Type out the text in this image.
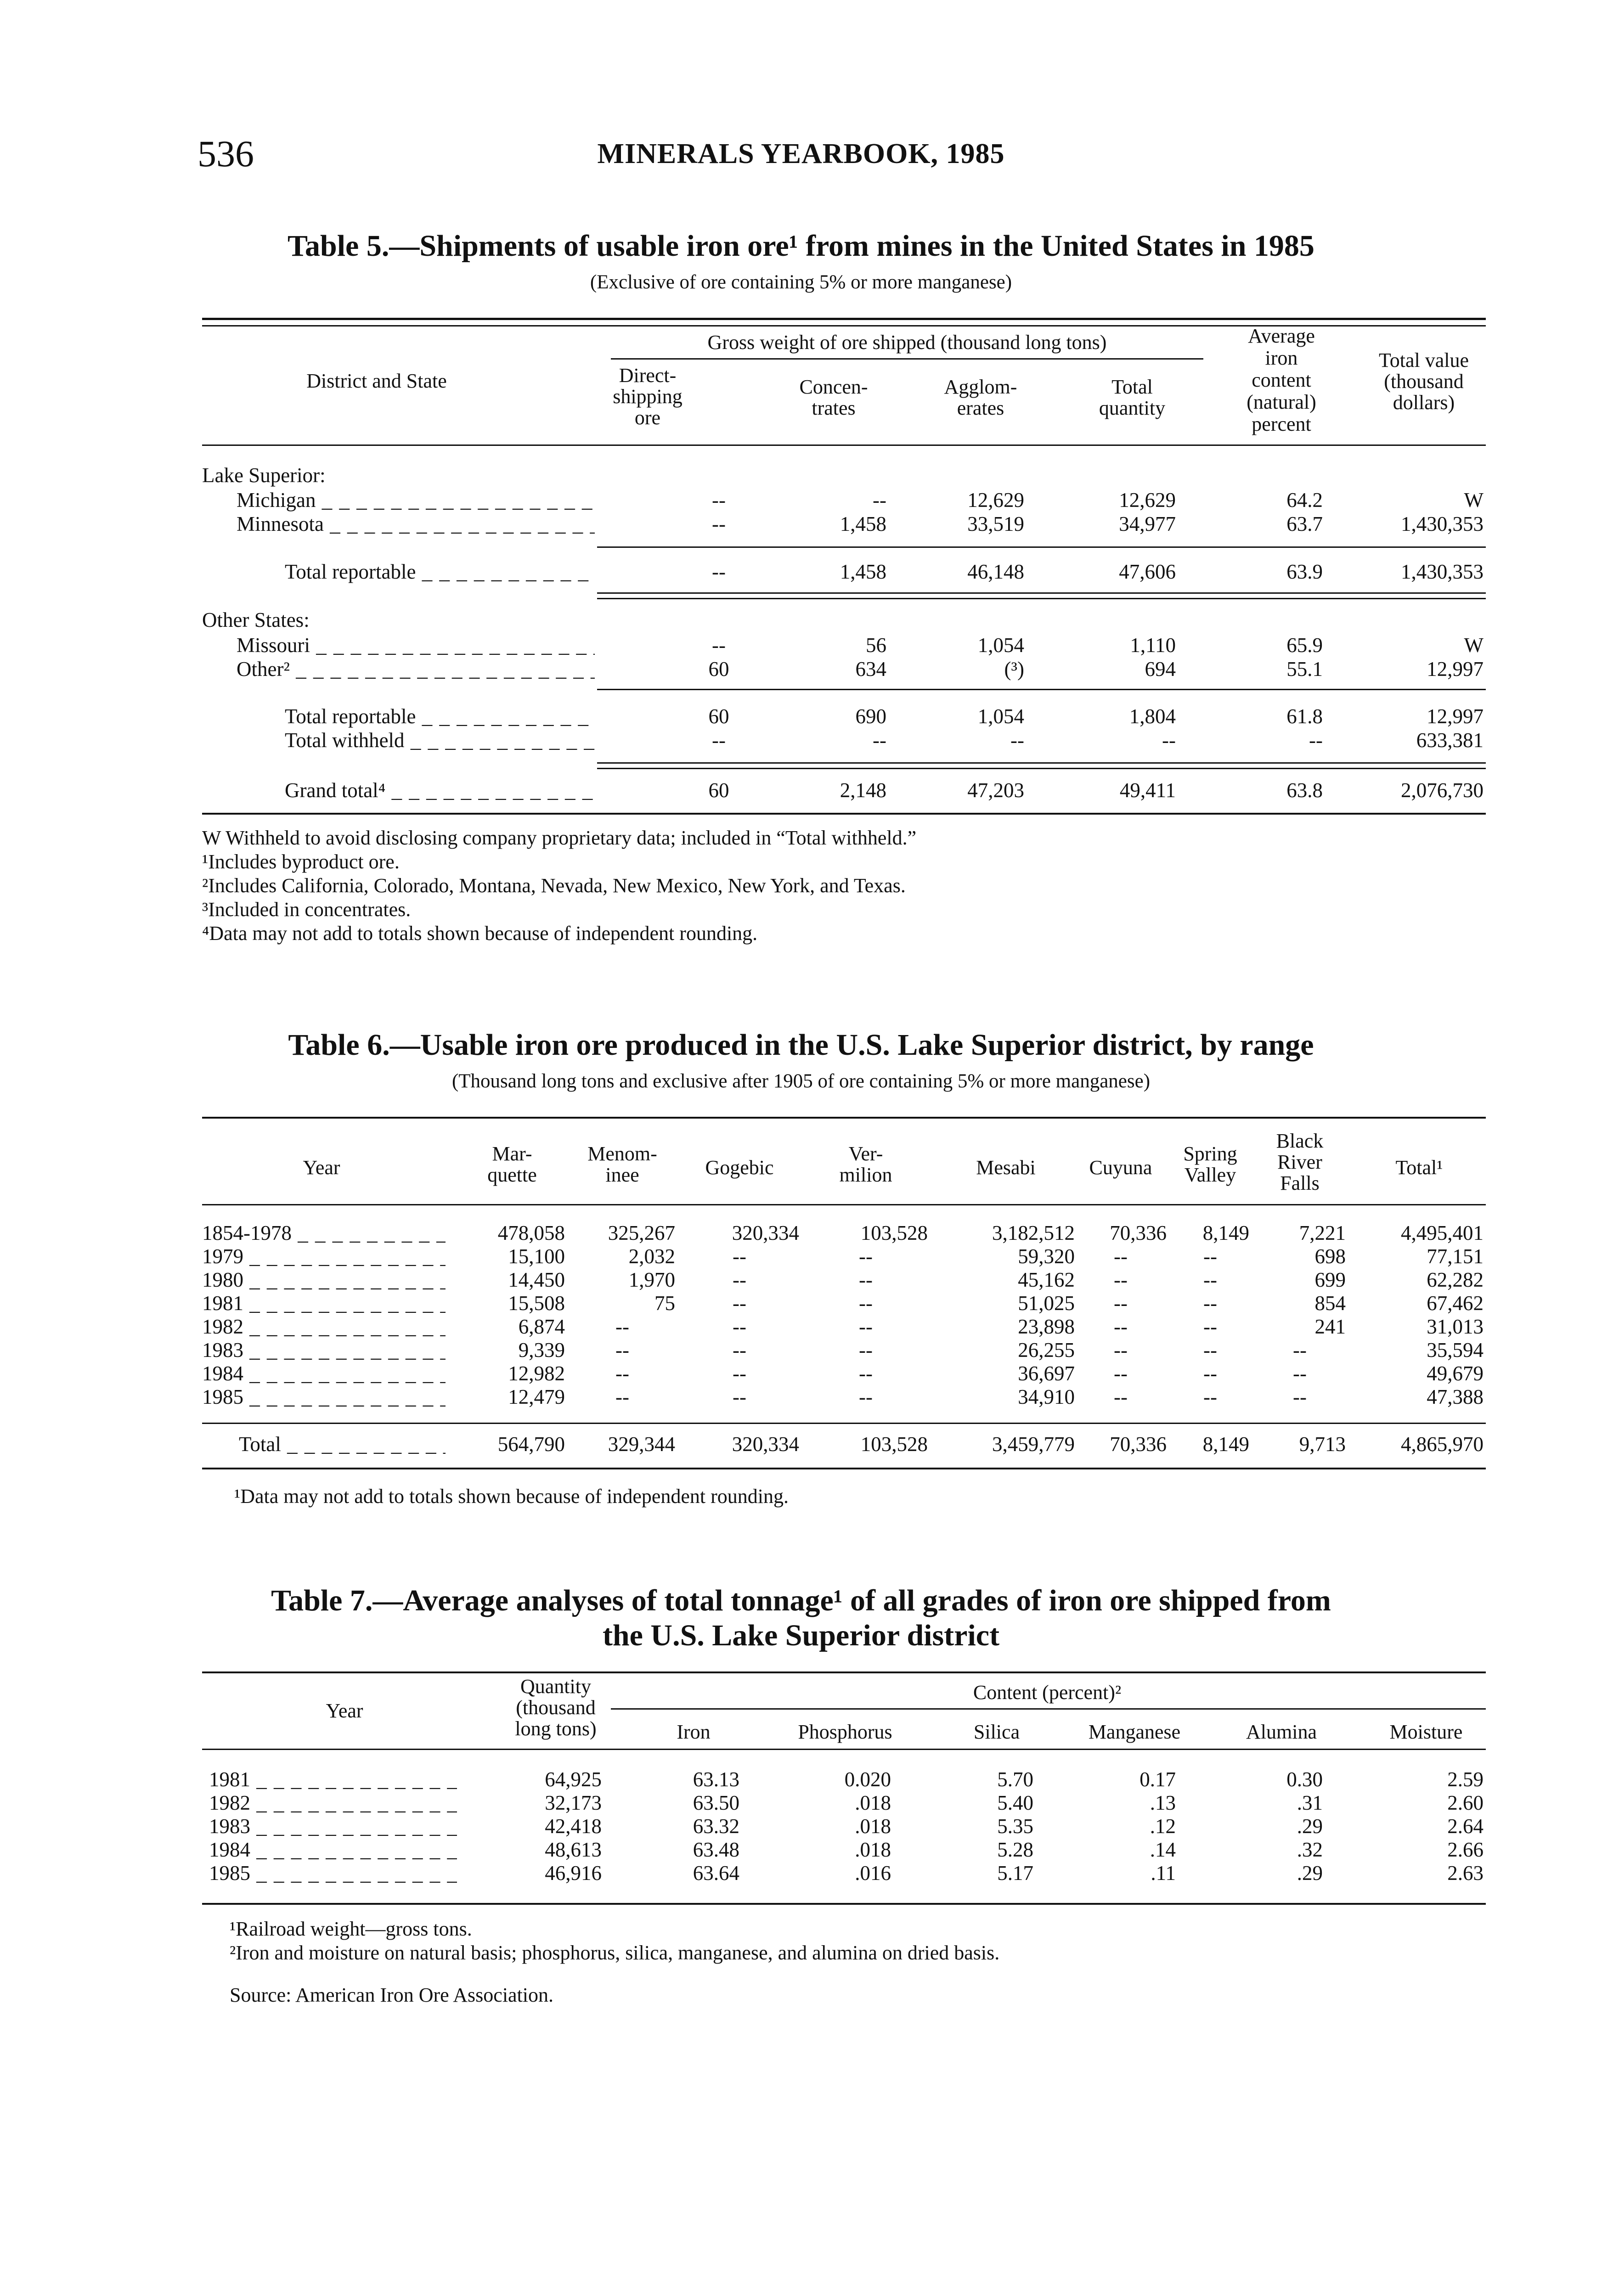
536	MINERALS YEARBOOK, 1985
Table 5.—Shipments of usable iron ore¹ from mines in the United States in 1985
(Exclusive of ore containing 5% or more manganese)
District and State
Gross weight of ore shipped (thousand long tons)
Direct-
shipping
ore
Concen-
trates
Agglom-
erates
Total
quantity
Average
iron
content
(natural)
percent
Total value
(thousand
dollars)
Lake Superior:
Michigan _ _ _	--	--	12,629	12,629	64.2	W
Minnesota _ _ _	--	1,458	33,519	34,977	63.7	1,430,353
Total reportable _ _ _	--	1,458	46,148	47,606	63.9	1,430,353
Other States:
Missouri _ _ _	--	56	1,054	1,110	65.9	W
Other² _ _ _	60	634	(³)	694	55.1	12,997
Total reportable _ _ _	60	690	1,054	1,804	61.8	12,997
Total withheld _ _ _	--	--	--	--	--	633,381
Grand total⁴ _ _ _	60	2,148	47,203	49,411	63.8	2,076,730
W Withheld to avoid disclosing company proprietary data; included in “Total withheld.”
¹Includes byproduct ore.
²Includes California, Colorado, Montana, Nevada, New Mexico, New York, and Texas.
³Included in concentrates.
⁴Data may not add to totals shown because of independent rounding.
Table 6.—Usable iron ore produced in the U.S. Lake Superior district, by range
(Thousand long tons and exclusive after 1905 of ore containing 5% or more manganese)
Year
Mar-
quette
Menom-
inee	Gogebic
Ver-
milion	Mesabi	Cuyuna
Spring
Valley
Black
River
Falls
Total¹
1854-1978 _ _ _	478,058	325,267	320,334	103,528	3,182,512	70,336	8,149	7,221	4,495,401
1979 _ _ _	15,100	2,032	--	--	59,320	--	--	698	77,151
1980 _ _ _	14,450	1,970	--	--	45,162	--	--	699	62,282
1981 _ _ _	15,508	75	--	--	51,025	--	--	854	67,462
1982 _ _ _	6,874	--	--	--	23,898	--	--	241	31,013
1983 _ _ _	9,339	--	--	--	26,255	--	--	--	35,594
1984 _ _ _	12,982	--	--	--	36,697	--	--	--	49,679
1985 _ _ _	12,479	--	--	--	34,910	--	--	--	47,388
Total _ _ _	564,790	329,344	320,334	103,528	3,459,779	70,336	8,149	9,713	4,865,970
¹Data may not add to totals shown because of independent rounding.
Table 7.—Average analyses of total tonnage¹ of all grades of iron ore shipped from
the U.S. Lake Superior district
Year
Quantity
(thousand
long tons)
Content (percent)²
Iron	Phosphorus	Silica	Manganese	Alumina	Moisture
1981 _ _ _	64,925	63.13	0.020	5.70	0.17	0.30	2.59
1982 _ _ _	32,173	63.50	.018	5.40	.13	.31	2.60
1983 _ _ _	42,418	63.32	.018	5.35	.12	.29	2.64
1984 _ _ _	48,613	63.48	.018	5.28	.14	.32	2.66
1985 _ _ _	46,916	63.64	.016	5.17	.11	.29	2.63
¹Railroad weight—gross tons.
²Iron and moisture on natural basis; phosphorus, silica, manganese, and alumina on dried basis.
Source: American Iron Ore Association.
